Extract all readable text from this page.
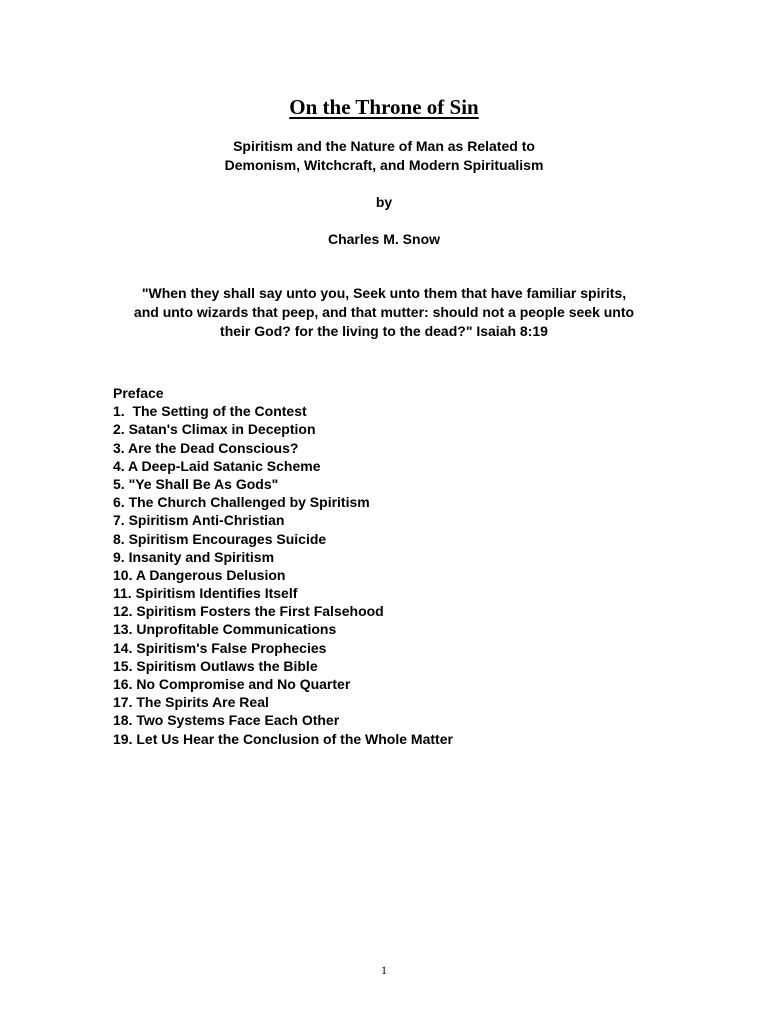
On the Throne of Sin
Spiritism and the Nature of Man as Related to
Demonism, Witchcraft, and Modern Spiritualism
by
Charles M. Snow
"When they shall say unto you, Seek unto them that have familiar spirits,
and unto wizards that peep, and that mutter: should not a people seek unto
their God? for the living to the dead?" Isaiah 8:19
Preface
1.  The Setting of the Contest
2. Satan's Climax in Deception
3. Are the Dead Conscious?
4. A Deep-Laid Satanic Scheme
5. "Ye Shall Be As Gods"
6. The Church Challenged by Spiritism
7. Spiritism Anti-Christian
8. Spiritism Encourages Suicide
9. Insanity and Spiritism
10. A Dangerous Delusion
11. Spiritism Identifies Itself
12. Spiritism Fosters the First Falsehood
13. Unprofitable Communications
14. Spiritism's False Prophecies
15. Spiritism Outlaws the Bible
16. No Compromise and No Quarter
17. The Spirits Are Real
18. Two Systems Face Each Other
19. Let Us Hear the Conclusion of the Whole Matter
1
